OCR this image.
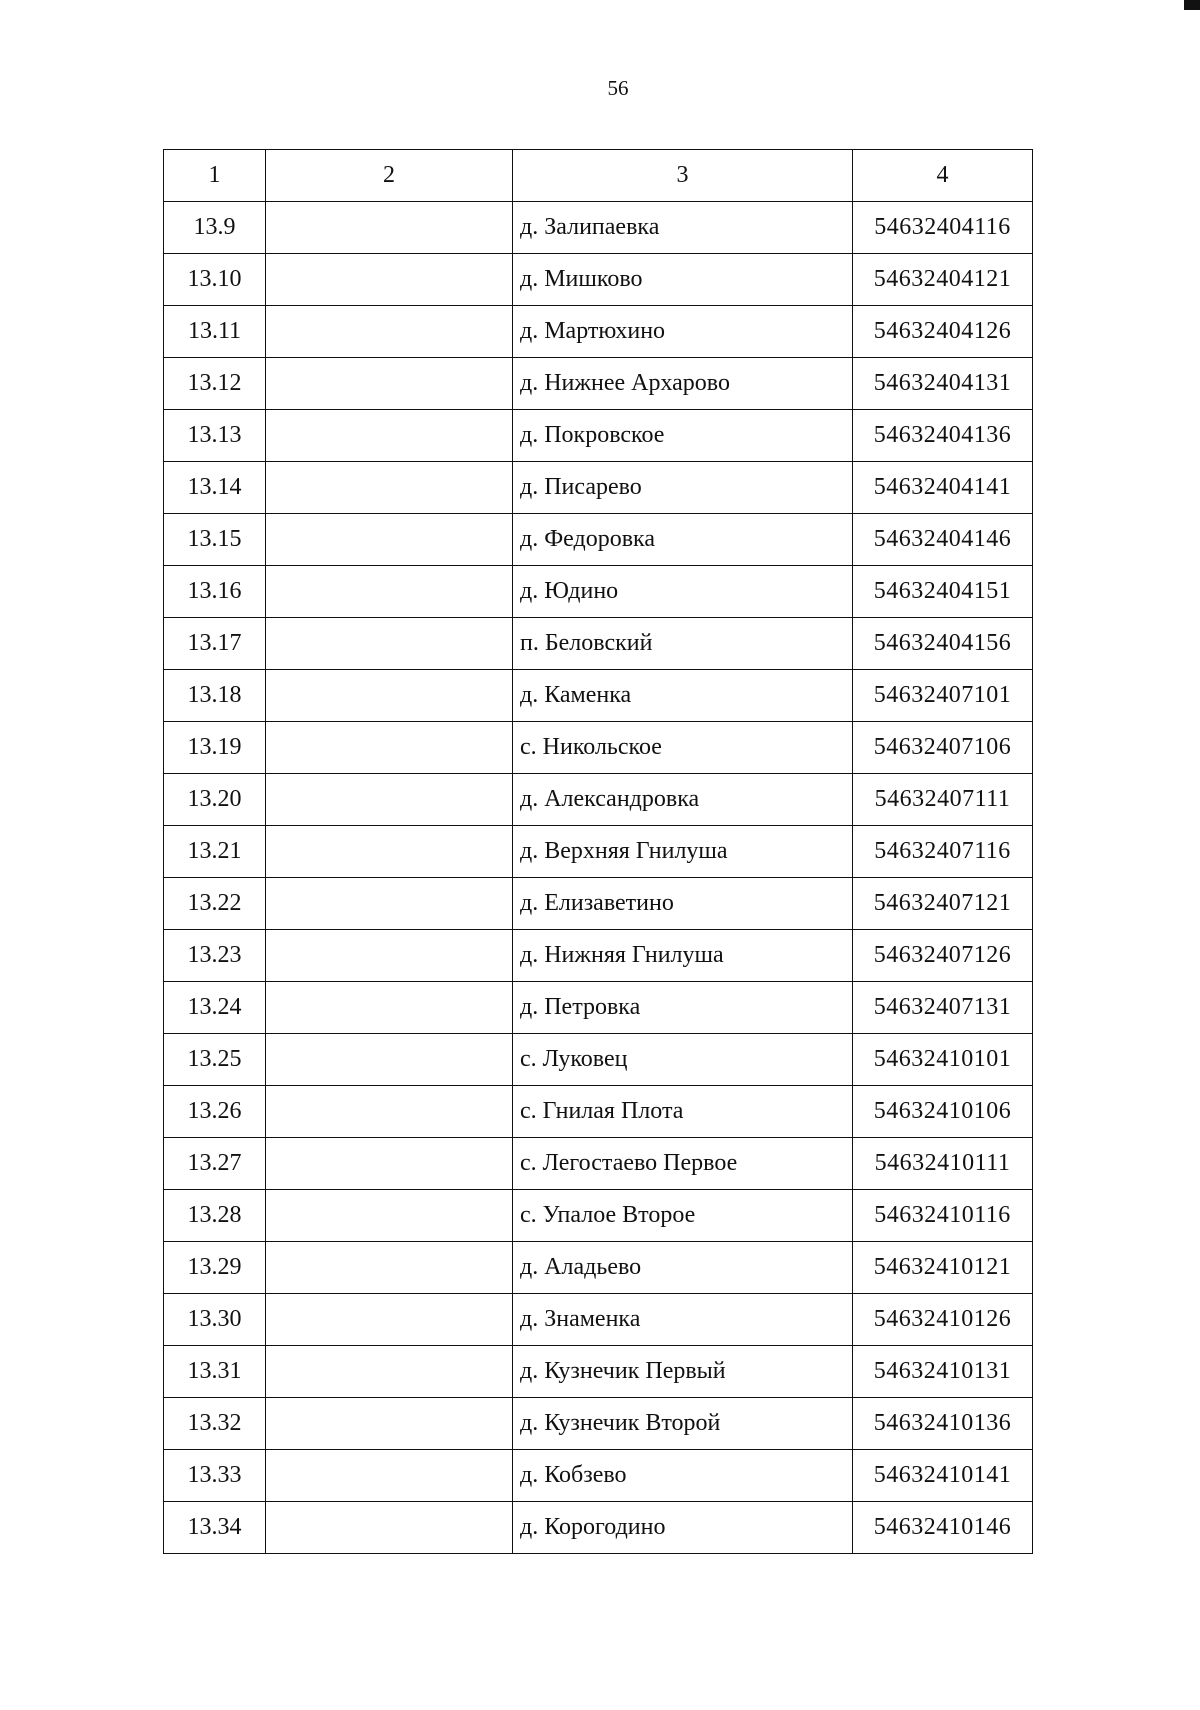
56
1	2	3	4
13.9		д. Залипаевка	54632404116
13.10		д. Мишково	54632404121
13.11		д. Мартюхино	54632404126
13.12		д. Нижнее Архарово	54632404131
13.13		д. Покровское	54632404136
13.14		д. Писарево	54632404141
13.15		д. Федоровка	54632404146
13.16		д. Юдино	54632404151
13.17		п. Беловский	54632404156
13.18		д. Каменка	54632407101
13.19		с. Никольское	54632407106
13.20		д. Александровка	54632407111
13.21		д. Верхняя Гнилуша	54632407116
13.22		д. Елизаветино	54632407121
13.23		д. Нижняя Гнилуша	54632407126
13.24		д. Петровка	54632407131
13.25		с. Луковец	54632410101
13.26		с. Гнилая Плота	54632410106
13.27		с. Легостаево Первое	54632410111
13.28		с. Упалое Второе	54632410116
13.29		д. Аладьево	54632410121
13.30		д. Знаменка	54632410126
13.31		д. Кузнечик Первый	54632410131
13.32		д. Кузнечик Второй	54632410136
13.33		д. Кобзево	54632410141
13.34		д. Корогодино	54632410146
